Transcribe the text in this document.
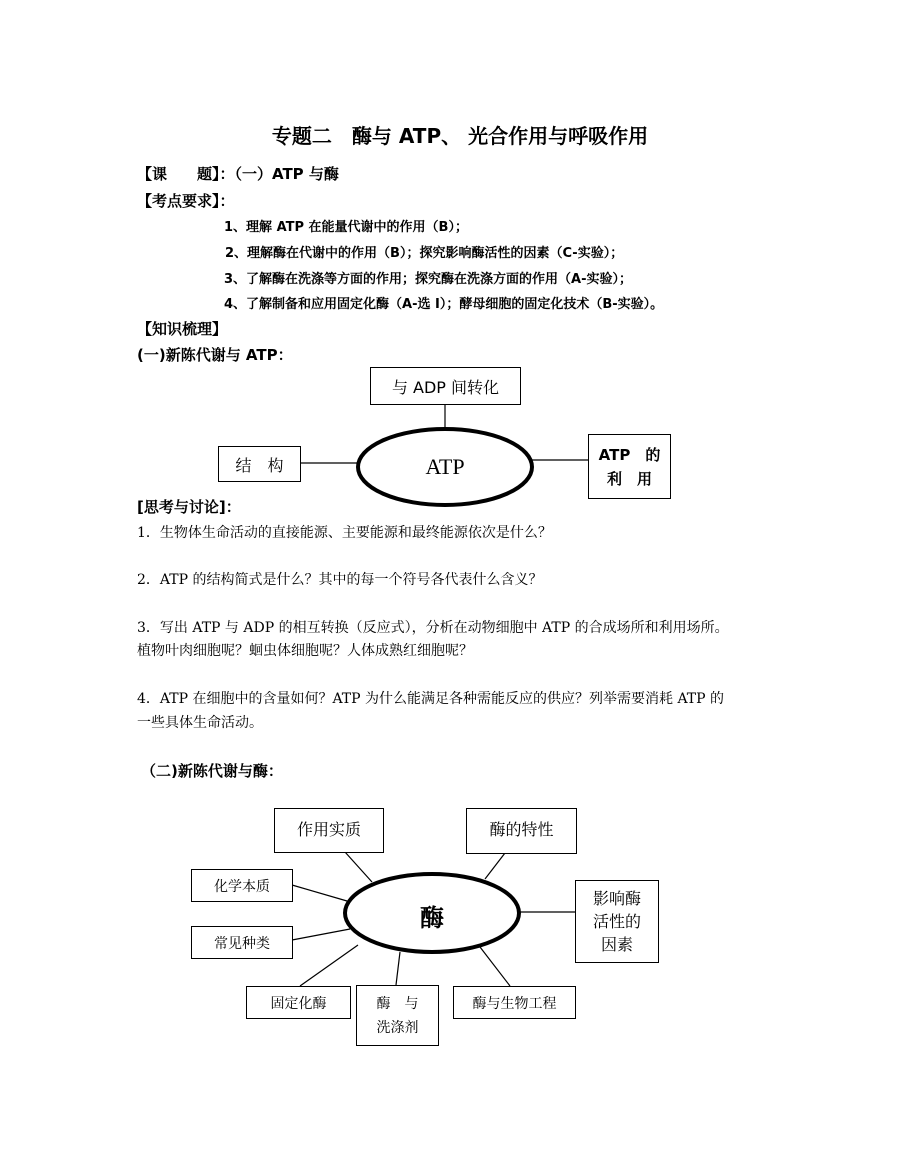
专题二　酶与 ATP、 光合作用与呼吸作用
【课　　题】：（一）ATP 与酶
【考点要求】：
1、理解 ATP 在能量代谢中的作用（B）；
2、理解酶在代谢中的作用（B）；探究影响酶活性的因素（C-实验）；
3、了解酶在洗涤等方面的作用；探究酶在洗涤方面的作用（A-实验）；
4、了解制备和应用固定化酶（A-选 I）；酵母细胞的固定化技术（B-实验）。
【知识梳理】
(一)新陈代谢与 ATP：
ATP
与 ADP 间转化
结　构
ATP　的
利　用
[思考与讨论]：
1．生物体生命活动的直接能源、主要能源和最终能源依次是什么？
2．ATP 的结构简式是什么？其中的每一个符号各代表什么含义？
3．写出 ATP 与 ADP 的相互转换（反应式），分析在动物细胞中 ATP 的合成场所和利用场所。
植物叶肉细胞呢？蛔虫体细胞呢？人体成熟红细胞呢？
4．ATP 在细胞中的含量如何？ATP 为什么能满足各种需能反应的供应？列举需要消耗 ATP 的
一些具体生命活动。
（二)新陈代谢与酶：
酶
作用实质	酶的特性
化学本质
常见种类
影响酶
活性的
因素
固定化酶	酶　与
洗涤剂
酶与生物工程
